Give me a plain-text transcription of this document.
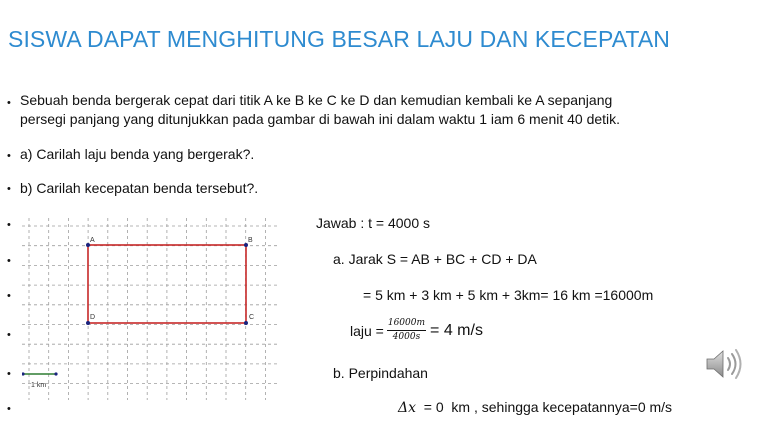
SISWA DAPAT MENGHITUNG BESAR LAJU DAN KECEPATAN
•
•
•
•
•
•
•
•
•
Sebuah benda bergerak cepat dari titik A ke B ke C ke D dan kemudian kembali ke A sepanjang
persegi panjang yang ditunjukkan pada gambar di bawah ini dalam waktu 1 iam 6 menit 40 detik.
a) Carilah laju benda yang bergerak?.
b) Carilah kecepatan benda tersebut?.
A	B
C
D
1 km
Jawab : t = 4000 s
a. Jarak S = AB + BC + CD + DA
= 5 km + 3 km + 5 km + 3km= 16 km =16000m
laju = $\frac{16000m}{4000s} = 4$ m/s
b. Perpindahan
Δx  = 0  km , sehingga kecepatannya=0 m/s
